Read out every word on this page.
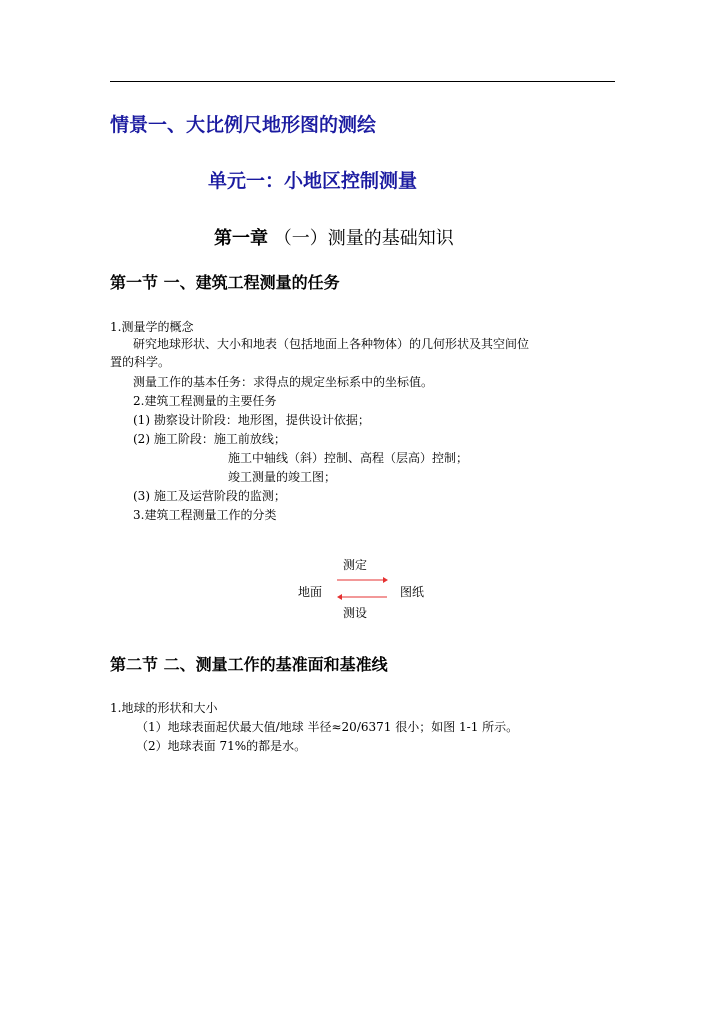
情景一、大比例尺地形图的测绘
单元一：小地区控制测量
第一章 （一）测量的基础知识
第一节 一、建筑工程测量的任务
1.测量学的概念
研究地球形状、大小和地表（包括地面上各种物体）的几何形状及其空间位
置的科学。
测量工作的基本任务：求得点的规定坐标系中的坐标值。
2.建筑工程测量的主要任务
(1) 勘察设计阶段：地形图，提供设计依据；
(2) 施工阶段：施工前放线；
施工中轴线（斜）控制、高程（层高）控制；
竣工测量的竣工图；
(3) 施工及运营阶段的监测；
3.建筑工程测量工作的分类
测定
地面	图纸
测设
第二节 二、测量工作的基准面和基准线
1.地球的形状和大小
（1）地球表面起伏最大值/地球 半径≈20/6371 很小；如图 1-1 所示。
（2）地球表面 71%的都是水。
